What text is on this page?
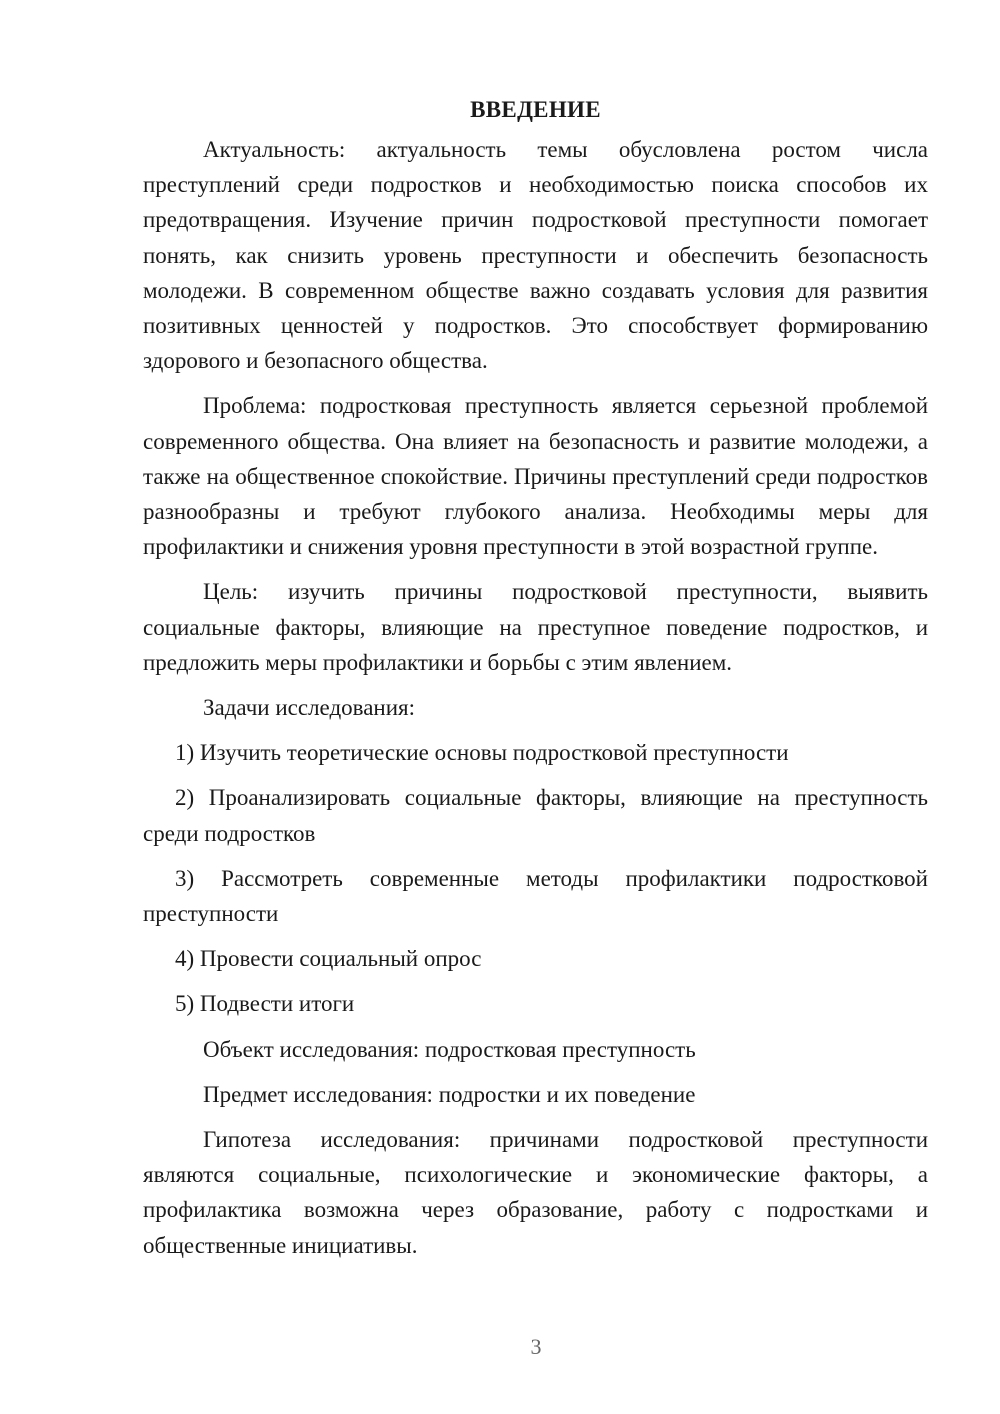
ВВЕДЕНИЕ

Актуальность: актуальность темы обусловлена ростом числа преступлений среди подростков и необходимостью поиска способов их предотвращения. Изучение причин подростковой преступности помогает понять, как снизить уровень преступности и обеспечить безопасность молодежи. В современном обществе важно создавать условия для развития позитивных ценностей у подростков. Это способствует формированию здорового и безопасного общества.

Проблема: подростковая преступность является серьезной проблемой современного общества. Она влияет на безопасность и развитие молодежи, а также на общественное спокойствие. Причины преступлений среди подростков разнообразны и требуют глубокого анализа. Необходимы меры для профилактики и снижения уровня преступности в этой возрастной группе.

Цель: изучить причины подростковой преступности, выявить социальные факторы, влияющие на преступное поведение подростков, и предложить меры профилактики и борьбы с этим явлением.

Задачи исследования:

1) Изучить теоретические основы подростковой преступности

2) Проанализировать социальные факторы, влияющие на преступность среди подростков

3) Рассмотреть современные методы профилактики подростковой преступности

4) Провести социальный опрос

5) Подвести итоги

Объект исследования: подростковая преступность

Предмет исследования: подростки и их поведение

Гипотеза исследования: причинами подростковой преступности являются социальные, психологические и экономические факторы, а профилактика возможна через образование, работу с подростками и общественные инициативы.

3
